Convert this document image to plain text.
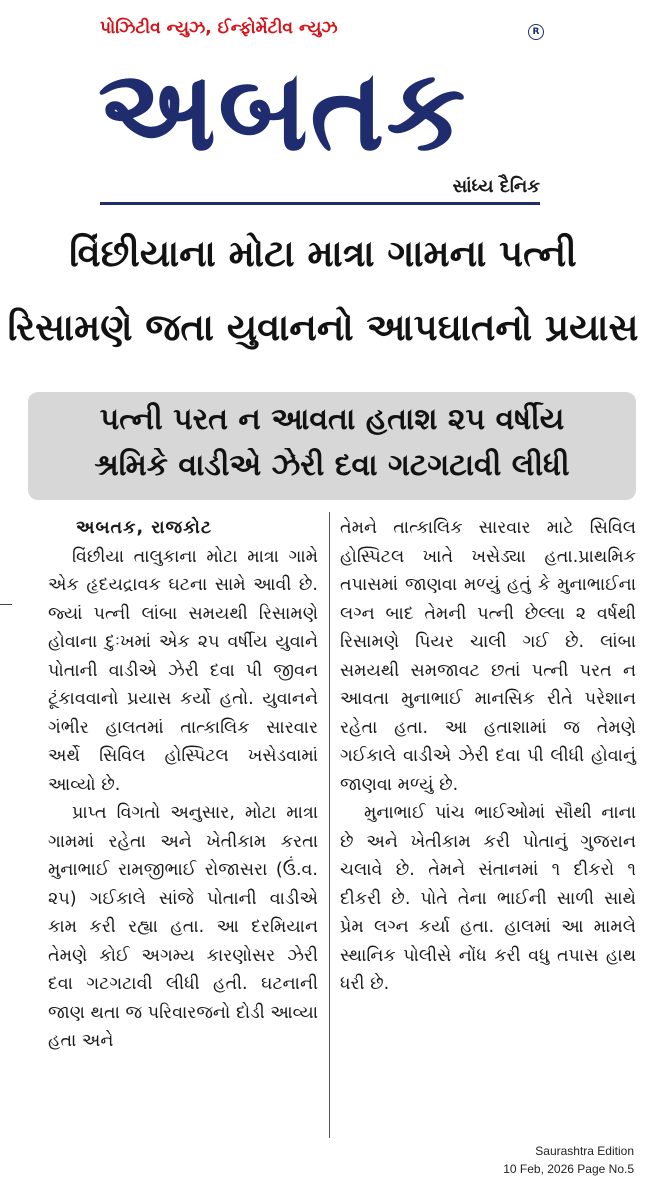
પોઝિટીવ ન્યુઝ, ઈન્ફોર્મેટીવ ન્યુઝ	R
અબતક
સાંધ્ય દૈનિક
વિંછીયાના મોટા માત્રા ગામના પત્ની
રિસામણે જતા યુવાનનો આપઘાતનો પ્રયાસ
પત્ની પરત ન આવતા હતાશ ૨૫ વર્ષીય
શ્રમિકે વાડીએ ઝેરી દવા ગટગટાવી લીધી

અબતક, રાજકોટ

વિંછીયા તાલુકાના મોટા માત્રા ગામે એક હૃદયદ્રાવક ઘટના સામે આવી છે. જ્યાં પત્ની લાંબા સમયથી રિસામણે હોવાના દુઃખમાં એક ૨૫ વર્ષીય યુવાને પોતાની વાડીએ ઝેરી દવા પી જીવન ટૂંકાવવાનો પ્રયાસ કર્યો હતો. યુવાનને ગંભીર હાલતમાં તાત્કાલિક સારવાર અર્થે સિવિલ હોસ્પિટલ ખસેડવામાં આવ્યો છે.

પ્રાપ્ત વિગતો અનુસાર, મોટા માત્રા ગામમાં રહેતા અને ખેતીકામ કરતા મુનાભાઈ રામજીભાઈ રોજાસરા (ઉં.વ. ૨૫) ગઈકાલે સાંજે પોતાની વાડીએ કામ કરી રહ્યા હતા. આ દરમિયાન તેમણે કોઈ અગમ્ય કારણોસર ઝેરી દવા ગટગટાવી લીધી હતી. ઘટનાની જાણ થતા જ પરિવારજનો દોડી આવ્યા હતા અને

તેમને તાત્કાલિક સારવાર માટે સિવિલ હોસ્પિટલ ખાતે ખસેડ્યા હતા.પ્રાથમિક તપાસમાં જાણવા મળ્યું હતું કે મુનાભાઈના લગ્ન બાદ તેમની પત્ની છેલ્લા ૨ વર્ષથી રિસામણે પિયર ચાલી ગઈ છે. લાંબા સમયથી સમજાવટ છતાં પત્ની પરત ન આવતા મુનાભાઈ માનસિક રીતે પરેશાન રહેતા હતા. આ હતાશામાં જ તેમણે ગઈકાલે વાડીએ ઝેરી દવા પી લીધી હોવાનું જાણવા મળ્યું છે.

મુનાભાઈ પાંચ ભાઈઓમાં સૌથી નાના છે અને ખેતીકામ કરી પોતાનું ગુજરાન ચલાવે છે. તેમને સંતાનમાં ૧ દીકરો ૧ દીકરી છે. પોતે તેના ભાઈની સાળી સાથે પ્રેમ લગ્ન કર્યા હતા. હાલમાં આ મામલે સ્થાનિક પોલીસે નોંધ કરી વધુ તપાસ હાથ ધરી છે.

Saurashtra Edition
10 Feb, 2026 Page No.5
